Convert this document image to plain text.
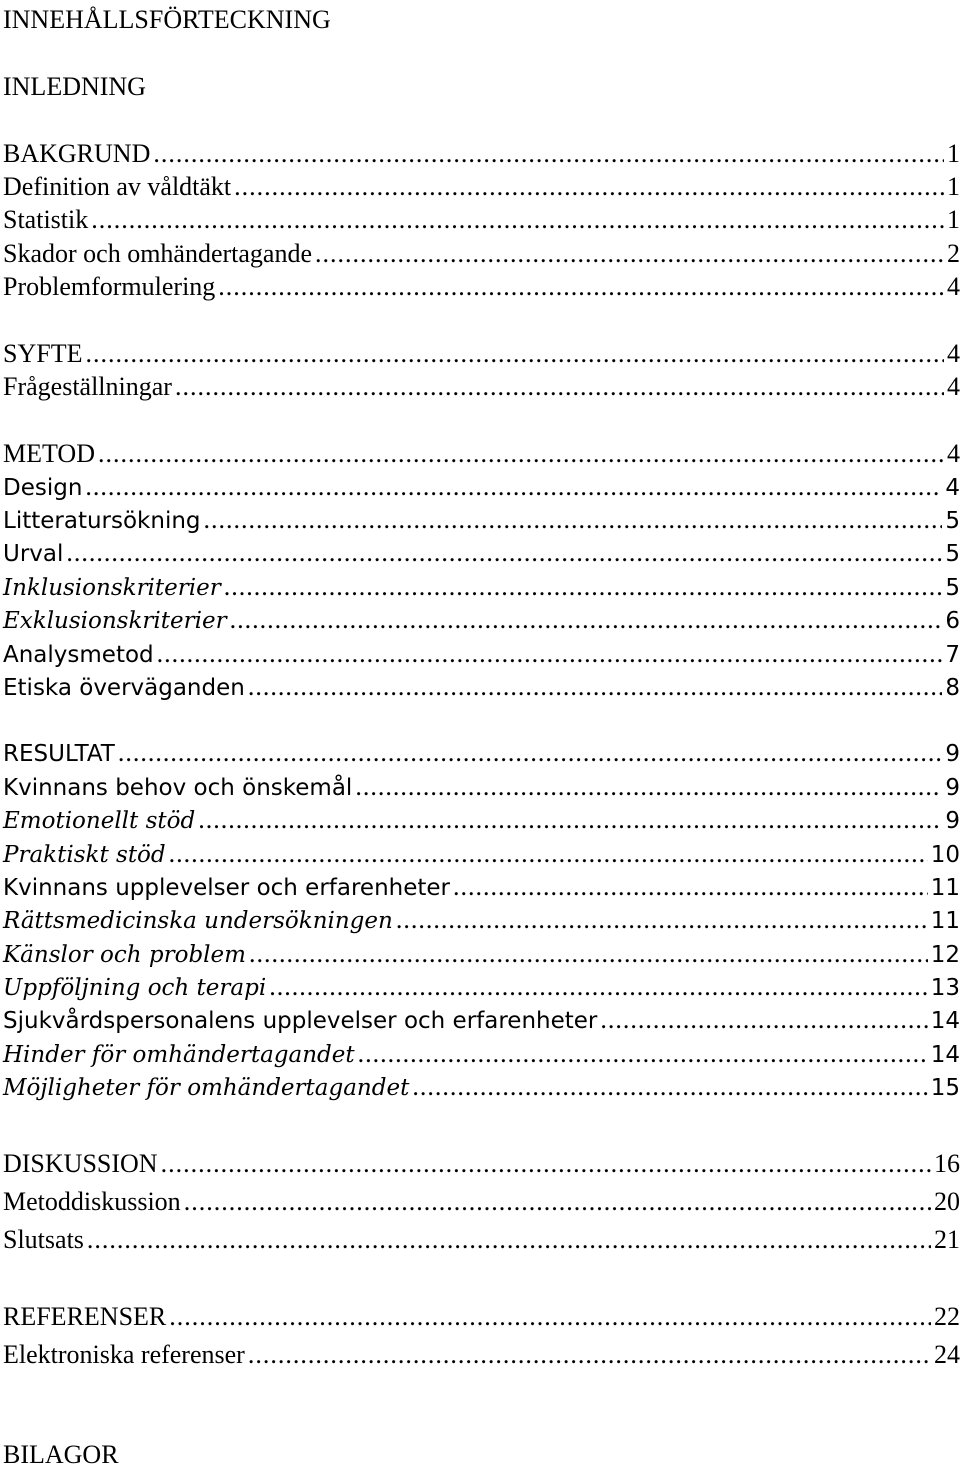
INNEHÅLLSFÖRTECKNING
INLEDNING
BAKGRUND .....	1
Definition av våldtäkt .....	1
Statistik .....	1
Skador och omhändertagande .....	2
Problemformulering .....	4
SYFTE .....	4
Frågeställningar .....	4
METOD .....	4
Design .....	4
Litteratursökning .....	5
Urval .....	5
Inklusionskriterier .....	5
Exklusionskriterier .....	6
Analysmetod .....	7
Etiska överväganden .....	8
RESULTAT .....	9
Kvinnans behov och önskemål .....	9
Emotionellt stöd .....	9
Praktiskt stöd .....	10
Kvinnans upplevelser och erfarenheter .....	11
Rättsmedicinska undersökningen .....	11
Känslor och problem .....	12
Uppföljning och terapi .....	13
Sjukvårdspersonalens upplevelser och erfarenheter .....	14
Hinder för omhändertagandet .....	14
Möjligheter för omhändertagandet .....	15
DISKUSSION .....	16
Metoddiskussion .....	20
Slutsats .....	21
REFERENSER .....	22
Elektroniska referenser .....	24
BILAGOR
